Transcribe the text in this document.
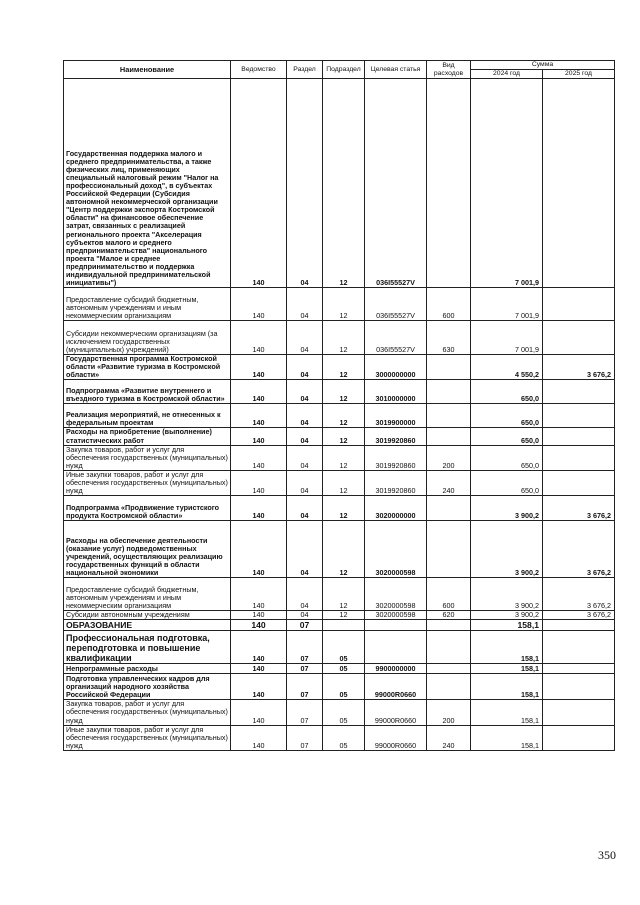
Наименование	Ведомство	Раздел	Подраздел	Целевая статья	Вид расходов	Сумма	
						2024 год	2025 год
Государственная поддержка малого и среднего предпринимательства, а также физических лиц, применяющих специальный налоговый режим "Налог на профессиональный доход", в субъектах Российской Федерации (Субсидия автономной некоммерческой организации "Центр поддержки экспорта Костромской области" на финансовое обеспечение затрат, связанных с реализацией регионального проекта "Акселерация субъектов малого и среднего предпринимательства" национального проекта "Малое и среднее предпринимательство и поддержка индивидуальной предпринимательской инициативы")	140	04	12	036I55527V		7 001,9	
Предоставление субсидий бюджетным, автономным учреждениям и иным некоммерческим организациям	140	04	12	036I55527V	600	7 001,9	
Субсидии некоммерческим организациям (за исключением государственных (муниципальных) учреждений)	140	04	12	036I55527V	630	7 001,9	
Государственная программа Костромской области «Развитие туризма в Костромской области»	140	04	12	3000000000		4 550,2	3 676,2
Подпрограмма «Развитие внутреннего и въездного туризма в Костромской области»	140	04	12	3010000000		650,0	
Реализация мероприятий, не отнесенных к федеральным проектам	140	04	12	3019900000		650,0	
Расходы на приобретение (выполнение) статистических работ	140	04	12	3019920860		650,0	
Закупка товаров, работ и услуг для обеспечения государственных (муниципальных) нужд	140	04	12	3019920860	200	650,0	
Иные закупки товаров, работ и услуг для обеспечения государственных (муниципальных) нужд	140	04	12	3019920860	240	650,0	
Подпрограмма «Продвижение туристского продукта Костромской области»	140	04	12	3020000000		3 900,2	3 676,2
Расходы на обеспечение деятельности (оказание услуг) подведомственных учреждений, осуществляющих реализацию государственных функций в области национальной экономики	140	04	12	3020000598		3 900,2	3 676,2
Предоставление субсидий бюджетным, автономным учреждениям и иным некоммерческим организациям	140	04	12	3020000598	600	3 900,2	3 676,2
Субсидии автономным учреждениям	140	04	12	3020000598	620	3 900,2	3 676,2
ОБРАЗОВАНИЕ	140	07				158,1	
Профессиональная подготовка, переподготовка и повышение квалификации	140	07	05			158,1	
Непрограммные расходы	140	07	05	9900000000		158,1	
Подготовка управленческих кадров для организаций народного хозяйства Российской Федерации	140	07	05	99000R0660		158,1	
Закупка товаров, работ и услуг для обеспечения государственных (муниципальных) нужд	140	07	05	99000R0660	200	158,1	
Иные закупки товаров, работ и услуг для обеспечения государственных (муниципальных) нужд	140	07	05	99000R0660	240	158,1	
350
